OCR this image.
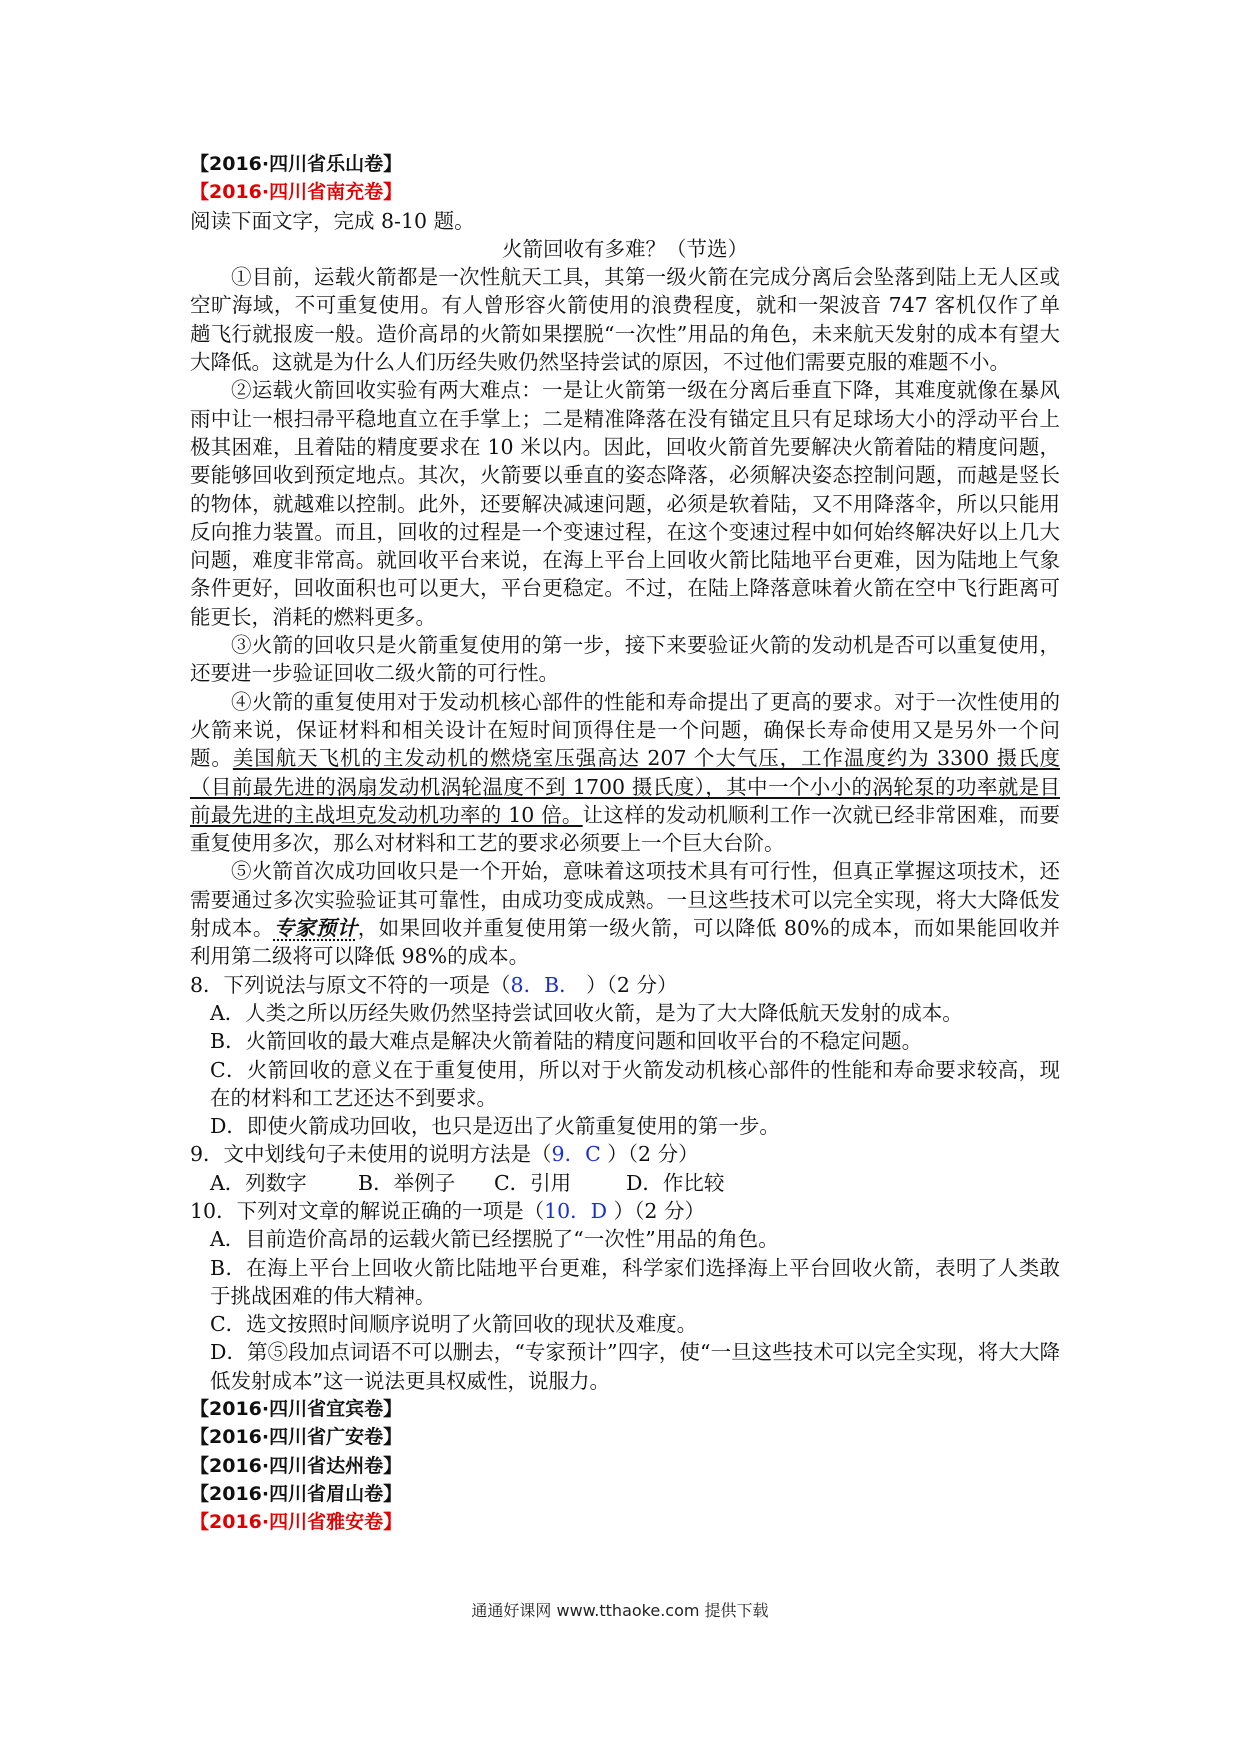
【2016·四川省乐山卷】
【2016·四川省南充卷】
阅读下面文字，完成 8-10 题。
火箭回收有多难？（节选）
①目前，运载火箭都是一次性航天工具，其第一级火箭在完成分离后会坠落到陆上无人区或空旷海域，不可重复使用。有人曾形容火箭使用的浪费程度，就和一架波音 747 客机仅作了单趟飞行就报废一般。造价高昂的火箭如果摆脱“一次性”用品的角色，未来航天发射的成本有望大大降低。这就是为什么人们历经失败仍然坚持尝试的原因，不过他们需要克服的难题不小。
②运载火箭回收实验有两大难点：一是让火箭第一级在分离后垂直下降，其难度就像在暴风雨中让一根扫帚平稳地直立在手掌上；二是精准降落在没有锚定且只有足球场大小的浮动平台上极其困难，且着陆的精度要求在 10 米以内。因此，回收火箭首先要解决火箭着陆的精度问题，要能够回收到预定地点。其次，火箭要以垂直的姿态降落，必须解决姿态控制问题，而越是竖长的物体，就越难以控制。此外，还要解决减速问题，必须是软着陆，又不用降落伞，所以只能用反向推力装置。而且，回收的过程是一个变速过程，在这个变速过程中如何始终解决好以上几大问题，难度非常高。就回收平台来说，在海上平台上回收火箭比陆地平台更难，因为陆地上气象条件更好，回收面积也可以更大，平台更稳定。不过，在陆上降落意味着火箭在空中飞行距离可能更长，消耗的燃料更多。
③火箭的回收只是火箭重复使用的第一步，接下来要验证火箭的发动机是否可以重复使用，还要进一步验证回收二级火箭的可行性。
④火箭的重复使用对于发动机核心部件的性能和寿命提出了更高的要求。对于一次性使用的火箭来说，保证材料和相关设计在短时间顶得住是一个问题，确保长寿命使用又是另外一个问题。美国航天飞机的主发动机的燃烧室压强高达 207 个大气压，工作温度约为 3300 摄氏度（目前最先进的涡扇发动机涡轮温度不到 1700 摄氏度），其中一个小小的涡轮泵的功率就是目前最先进的主战坦克发动机功率的 10 倍。让这样的发动机顺利工作一次就已经非常困难，而要重复使用多次，那么对材料和工艺的要求必须要上一个巨大台阶。
⑤火箭首次成功回收只是一个开始，意味着这项技术具有可行性，但真正掌握这项技术，还需要通过多次实验验证其可靠性，由成功变成成熟。一旦这些技术可以完全实现，将大大降低发射成本。专家预计，如果回收并重复使用第一级火箭，可以降低 80%的成本，而如果能回收并利用第二级将可以降低 98%的成本。
8．下列说法与原文不符的一项是（8．B． ）（2 分）
A．人类之所以历经失败仍然坚持尝试回收火箭，是为了大大降低航天发射的成本。
B．火箭回收的最大难点是解决火箭着陆的精度问题和回收平台的不稳定问题。
C．火箭回收的意义在于重复使用，所以对于火箭发动机核心部件的性能和寿命要求较高，现在的材料和工艺还达不到要求。
D．即使火箭成功回收，也只是迈出了火箭重复使用的第一步。
9．文中划线句子未使用的说明方法是（9．C ）（2 分）
A．列数字 B．举例子 C．引用	D．作比较
10．下列对文章的解说正确的一项是（10．D ）（2 分）
A．目前造价高昂的运载火箭已经摆脱了“一次性”用品的角色。
B．在海上平台上回收火箭比陆地平台更难，科学家们选择海上平台回收火箭，表明了人类敢于挑战困难的伟大精神。
C．选文按照时间顺序说明了火箭回收的现状及难度。
D．第⑤段加点词语不可以删去，“专家预计”四字，使“一旦这些技术可以完全实现，将大大降低发射成本”这一说法更具权威性，说服力。
【2016·四川省宜宾卷】
【2016·四川省广安卷】
【2016·四川省达州卷】
【2016·四川省眉山卷】
【2016·四川省雅安卷】
通通好课网 www.tthaoke.com 提供下载
